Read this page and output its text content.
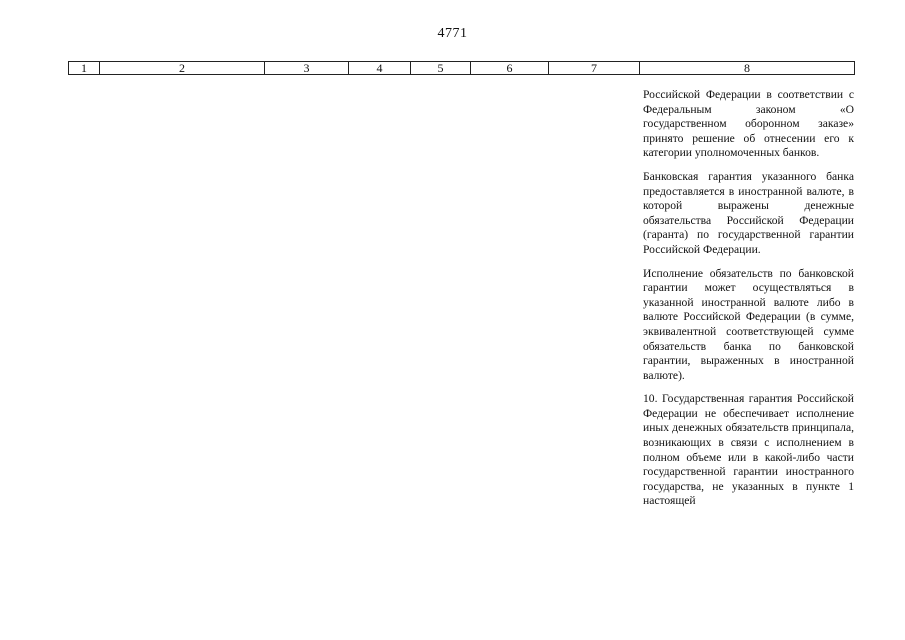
4771
1	2	3	4	5	6	7	8

Российской Федерации в соответствии с Федеральным законом «О государственном оборонном заказе» принято решение об отнесении его к категории уполномоченных банков.

Банковская гарантия указанного банка предоставляется в иностранной валюте, в которой выражены денежные обязательства Российской Федерации (гаранта) по государственной гарантии Российской Федерации.

Исполнение обязательств по банковской гарантии может осуществляться в указанной иностранной валюте либо в валюте Российской Федерации (в сумме, эквивалентной соответствующей сумме обязательств банка по банковской гарантии, выраженных в иностранной валюте).

10. Государственная гарантия Российской Федерации не обеспечивает исполнение иных денежных обязательств принципала, возникающих в связи с исполнением в полном объеме или в какой-либо части государственной гарантии иностранного государства, не указанных в пункте 1 настоящей
